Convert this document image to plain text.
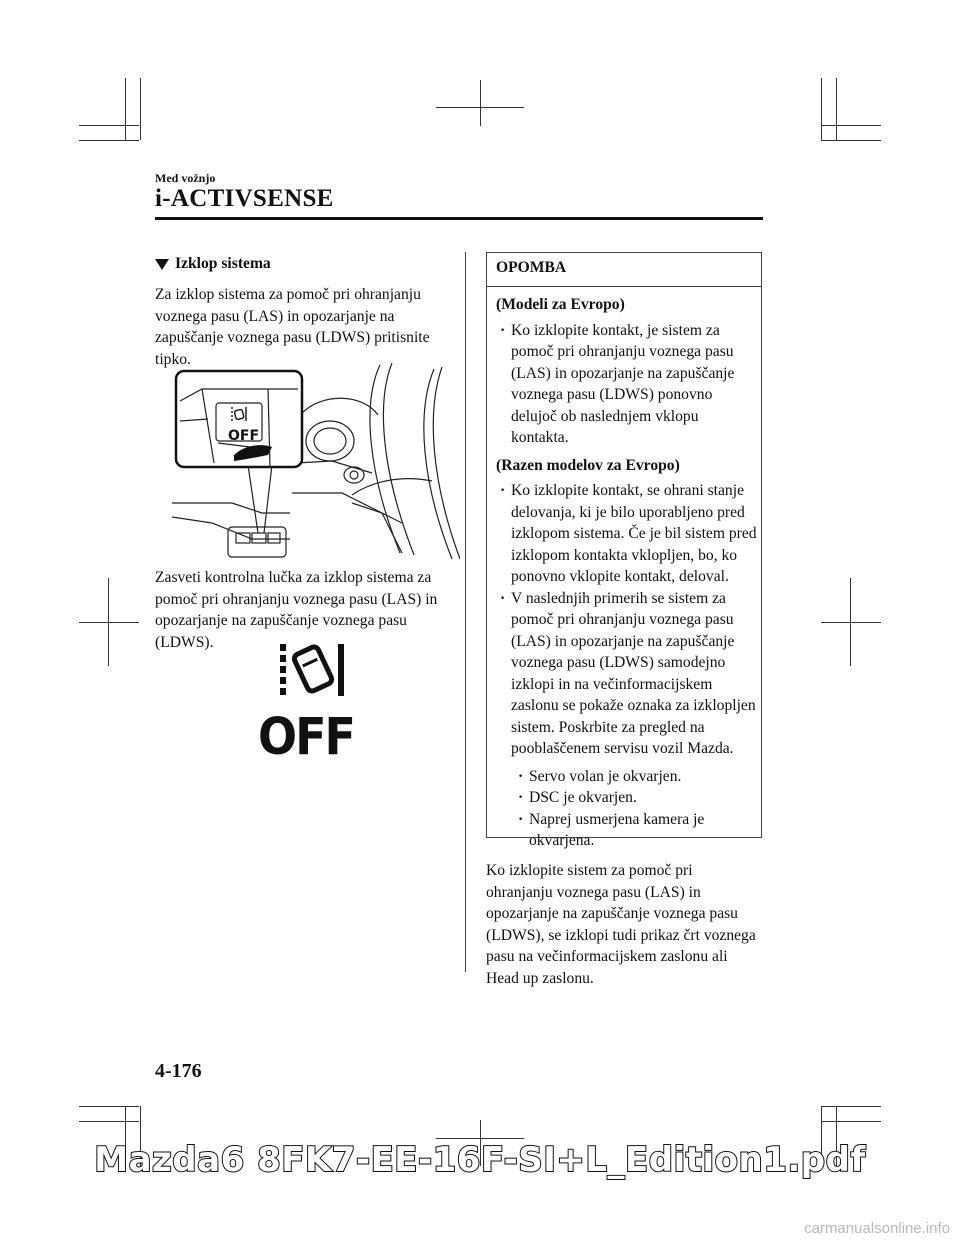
Med vožnjo
i-ACTIVSENSE
Izklop sistema
Za izklop sistema za pomoč pri ohranjanju voznega pasu (LAS) in opozarjanje na zapuščanje voznega pasu (LDWS) pritisnite tipko.
OFF
Zasveti kontrolna lučka za izklop sistema za pomoč pri ohranjanju voznega pasu (LAS) in opozarjanje na zapuščanje voznega pasu (LDWS).
OFF
OPOMBA
(Modeli za Evropo)
· Ko izklopite kontakt, je sistem za pomoč pri ohranjanju voznega pasu (LAS) in opozarjanje na zapuščanje voznega pasu (LDWS) ponovno delujoč ob naslednjem vklopu kontakta.
(Razen modelov za Evropo)
· Ko izklopite kontakt, se ohrani stanje delovanja, ki je bilo uporabljeno pred izklopom sistema. Če je bil sistem pred izklopom kontakta vklopljen, bo, ko ponovno vklopite kontakt, deloval.
· V naslednjih primerih se sistem za pomoč pri ohranjanju voznega pasu (LAS) in opozarjanje na zapuščanje voznega pasu (LDWS) samodejno izklopi in na večinformacijskem zaslonu se pokaže oznaka za izklopljen sistem. Poskrbite za pregled na pooblaščenem servisu vozil Mazda.
· Servo volan je okvarjen.
· DSC je okvarjen.
· Naprej usmerjena kamera je okvarjena.
Ko izklopite sistem za pomoč pri ohranjanju voznega pasu (LAS) in opozarjanje na zapuščanje voznega pasu (LDWS), se izklopi tudi prikaz črt voznega pasu na večinformacijskem zaslonu ali Head up zaslonu.
4-176
Mazda6 8FK7-EE-16F-SI+L_Edition1.pdf
carmanualsonline.info
